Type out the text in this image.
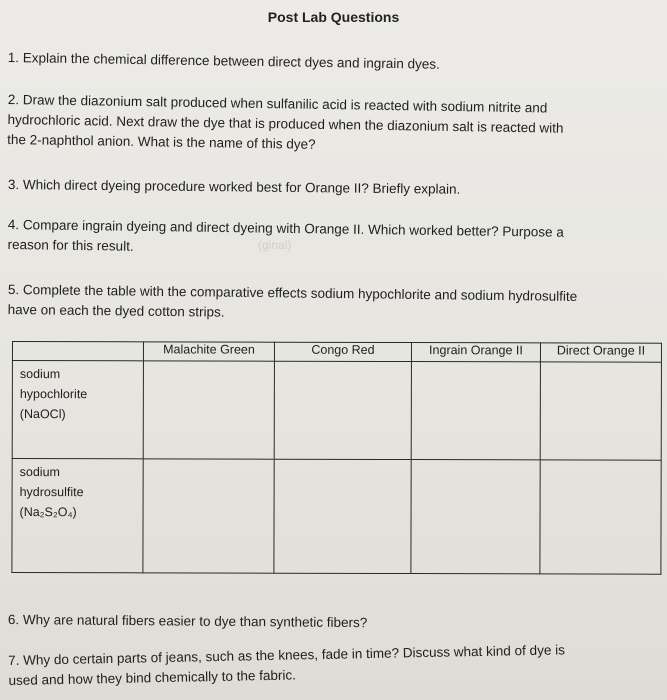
Post Lab Questions
1. Explain the chemical difference between direct dyes and ingrain dyes.
2. Draw the diazonium salt produced when sulfanilic acid is reacted with sodium nitrite and
hydrochloric acid. Next draw the dye that is produced when the diazonium salt is reacted with
the 2-naphthol anion. What is the name of this dye?
3. Which direct dyeing procedure worked best for Orange II? Briefly explain.
4. Compare ingrain dyeing and direct dyeing with Orange II. Which worked better? Purpose a
reason for this result.	(ginal)
5. Complete the table with the comparative effects sodium hypochlorite and sodium hydrosulfite
have on each the dyed cotton strips.
	Malachite Green	Congo Red	Ingrain Orange II	Direct Orange II

sodium
hypochlorite
(NaOCl)				

sodium
hydrosulfite
(Na₂S₂O₄)				

6. Why are natural fibers easier to dye than synthetic fibers?
7. Why do certain parts of jeans, such as the knees, fade in time? Discuss what kind of dye is
used and how they bind chemically to the fabric.
